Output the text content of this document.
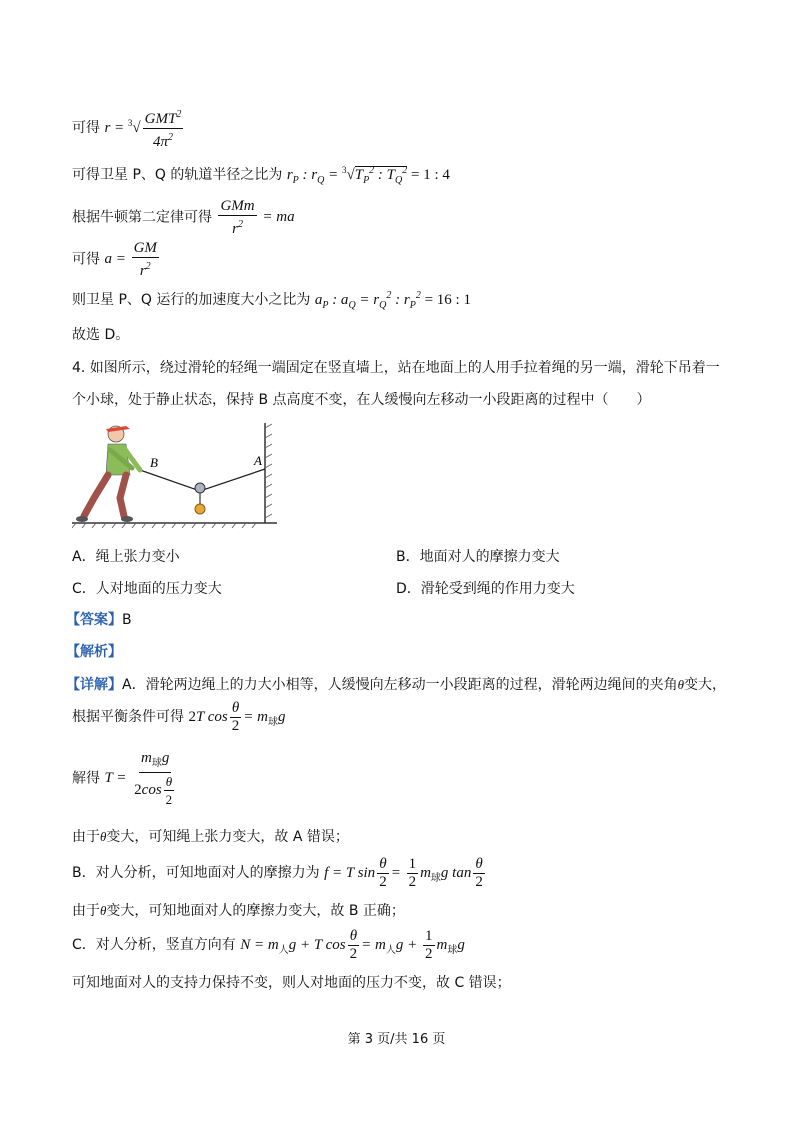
可得 $r = ^3√ \frac{GMT^2}{4\pi^2}$
可得卫星 P、Q 的轨道半径之比为 $r_P$ : $r_Q = ^3√T_P^2$ : $T_Q^2 = 1$ : 4
根据牛顿第二定律可得 $\frac{\text{GMm}}{r^2}$ = ma
可得 $a = \frac{GM}{r^2}$
则卫星 P、Q 运行的加速度大小之比为 $a_P$ : $a_Q = r_Q^2$ : $r_P^2 = 16$ : 1
故选 D。
4. 如图所示，绕过滑轮的轻绳一端固定在竖直墙上，站在地面上的人用手拉着绳的另一端，滑轮下吊着一
个小球，处于静止状态，保持 B 点高度不变，在人缓慢向左移动一小段距离的过程中（　　）
B	A
A．绳上张力变小	B．地面对人的摩擦力变大
C．人对地面的压力变大	D．滑轮受到绳的作用力变大
【答案】B
【解析】
【详解】A．滑轮两边绳上的力大小相等，人缓慢向左移动一小段距离的过程，滑轮两边绳间的夹角θ变大，
根据平衡条件可得 2T $\cos \frac{\theta}{2} = m_球g$
解得 $T = \frac{m_球g}{2\cos \frac{\theta}{2}}$
由于θ变大，可知绳上张力变大，故 A 错误；
B．对人分析，可知地面对人的摩擦力为 f = T $\sin \frac{\theta}{2} = \frac{1}{2} m_球g$ $\tan \frac{\theta}{2}$
由于θ变大，可知地面对人的摩擦力变大，故 B 正确；
C．对人分析，竖直方向有 $N = m_人g + T$ $\cos \frac{\theta}{2} = m_人g + \frac{1}{2} m_球g$
可知地面对人的支持力保持不变，则人对地面的压力不变，故 C 错误；
第 3 页/共 16 页
